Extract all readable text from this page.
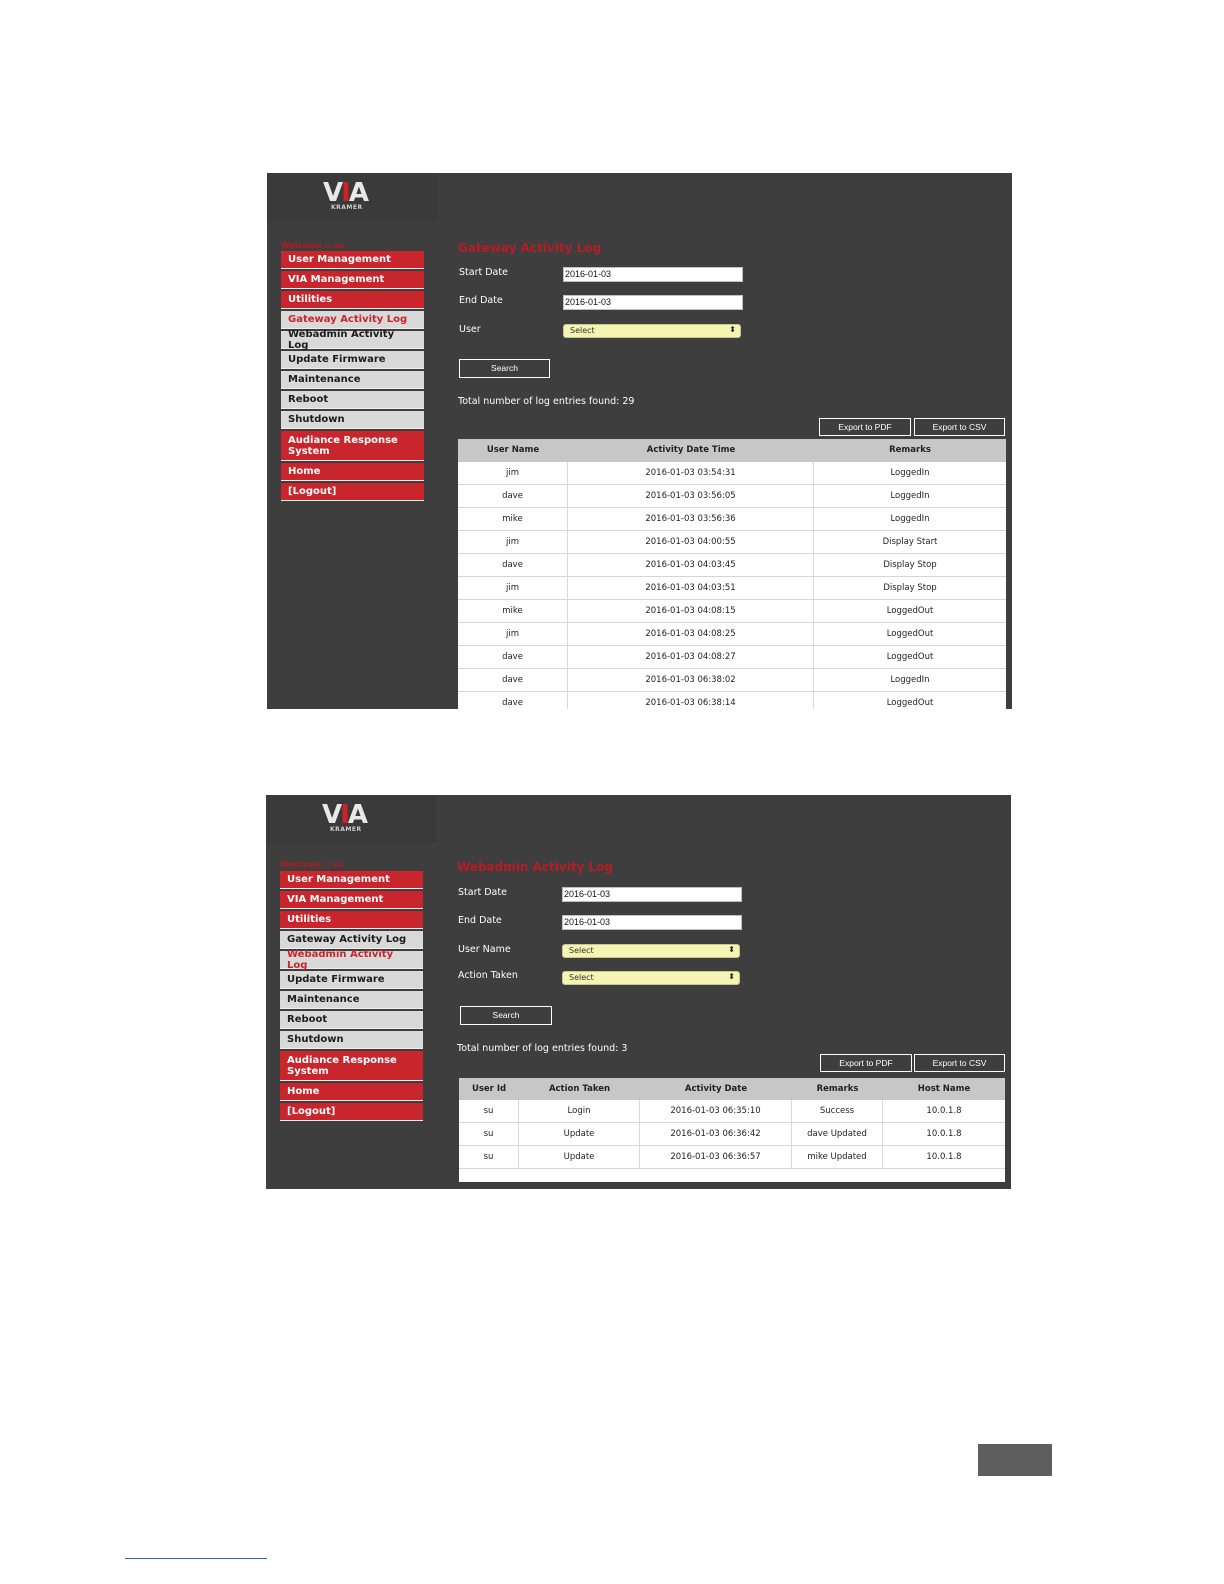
VIA
KRAMER
Welcome :: su
User Management
VIA Management
Utilities
Gateway Activity Log
Webadmin Activity Log
Update Firmware
Maintenance
Reboot
Shutdown
Audiance Response System
Home
[Logout]
Gateway Activity Log
Start Date	2016-01-03
End Date	2016-01-03
User	Select	⬍
Search
Total number of log entries found: 29
Export to PDF	Export to CSV
User Name	Activity Date Time	Remarks
jim	2016-01-03 03:54:31	LoggedIn
dave	2016-01-03 03:56:05	LoggedIn
mike	2016-01-03 03:56:36	LoggedIn
jim	2016-01-03 04:00:55	Display Start
dave	2016-01-03 04:03:45	Display Stop
jim	2016-01-03 04:03:51	Display Stop
mike	2016-01-03 04:08:15	LoggedOut
jim	2016-01-03 04:08:25	LoggedOut
dave	2016-01-03 04:08:27	LoggedOut
dave	2016-01-03 06:38:02	LoggedIn
dave	2016-01-03 06:38:14	LoggedOut
VIA
KRAMER
Welcome :: su
User Management
VIA Management
Utilities
Gateway Activity Log
Webadmin Activity Log
Update Firmware
Maintenance
Reboot
Shutdown
Audiance Response System
Home
[Logout]
Webadmin Activity Log
Start Date	2016-01-03
End Date	2016-01-03
User Name	Select	⬍
Action Taken	Select	⬍
Search
Total number of log entries found: 3
Export to PDF	Export to CSV
User Id	Action Taken	Activity Date	Remarks	Host Name
su	Login	2016-01-03 06:35:10	Success	10.0.1.8
su	Update	2016-01-03 06:36:42	dave Updated	10.0.1.8
su	Update	2016-01-03 06:36:57	mike Updated	10.0.1.8
